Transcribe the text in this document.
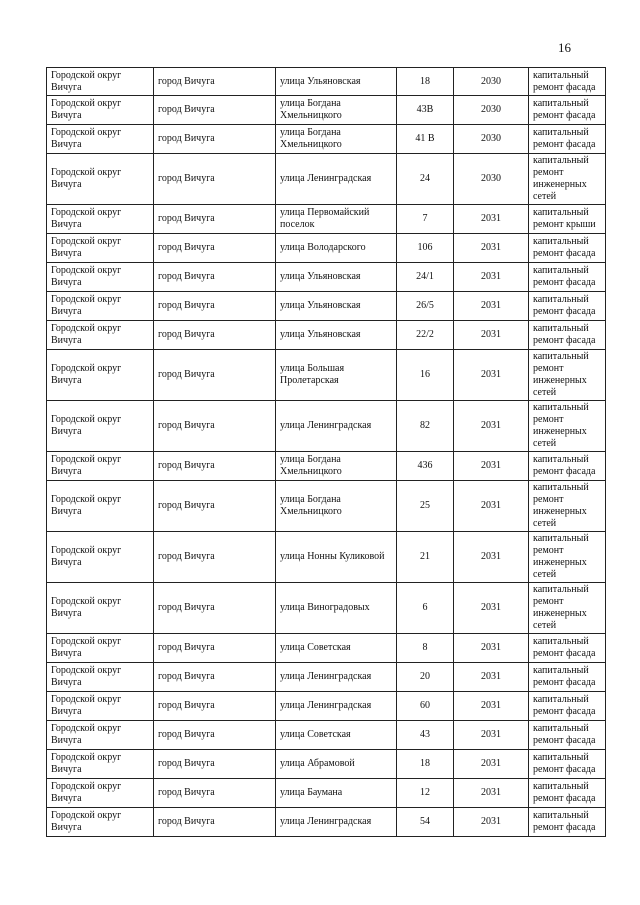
16
Городской округ Вичуга	город Вичуга	улица Ульяновская	18	2030	капитальный ремонт фасада
Городской округ Вичуга	город Вичуга	улица Богдана Хмельницкого	43В	2030	капитальный ремонт фасада
Городской округ Вичуга	город Вичуга	улица Богдана Хмельницкого	41 В	2030	капитальный ремонт фасада
Городской округ Вичуга	город Вичуга	улица Ленинградская	24	2030	капитальный ремонт инженерных сетей
Городской округ Вичуга	город Вичуга	улица Первомайский поселок	7	2031	капитальный ремонт крыши
Городской округ Вичуга	город Вичуга	улица Володарского	106	2031	капитальный ремонт фасада
Городской округ Вичуга	город Вичуга	улица Ульяновская	24/1	2031	капитальный ремонт фасада
Городской округ Вичуга	город Вичуга	улица Ульяновская	26/5	2031	капитальный ремонт фасада
Городской округ Вичуга	город Вичуга	улица Ульяновская	22/2	2031	капитальный ремонт фасада
Городской округ Вичуга	город Вичуга	улица Большая Пролетарская	16	2031	капитальный ремонт инженерных сетей
Городской округ Вичуга	город Вичуга	улица Ленинградская	82	2031	капитальный ремонт инженерных сетей
Городской округ Вичуга	город Вичуга	улица Богдана Хмельницкого	436	2031	капитальный ремонт фасада
Городской округ Вичуга	город Вичуга	улица Богдана Хмельницкого	25	2031	капитальный ремонт инженерных сетей
Городской округ Вичуга	город Вичуга	улица Нонны Куликовой	21	2031	капитальный ремонт инженерных сетей
Городской округ Вичуга	город Вичуга	улица Виноградовых	6	2031	капитальный ремонт инженерных сетей
Городской округ Вичуга	город Вичуга	улица Советская	8	2031	капитальный ремонт фасада
Городской округ Вичуга	город Вичуга	улица Ленинградская	20	2031	капитальный ремонт фасада
Городской округ Вичуга	город Вичуга	улица Ленинградская	60	2031	капитальный ремонт фасада
Городской округ Вичуга	город Вичуга	улица Советская	43	2031	капитальный ремонт фасада
Городской округ Вичуга	город Вичуга	улица Абрамовой	18	2031	капитальный ремонт фасада
Городской округ Вичуга	город Вичуга	улица Баумана	12	2031	капитальный ремонт фасада
Городской округ Вичуга	город Вичуга	улица Ленинградская	54	2031	капитальный ремонт фасада
